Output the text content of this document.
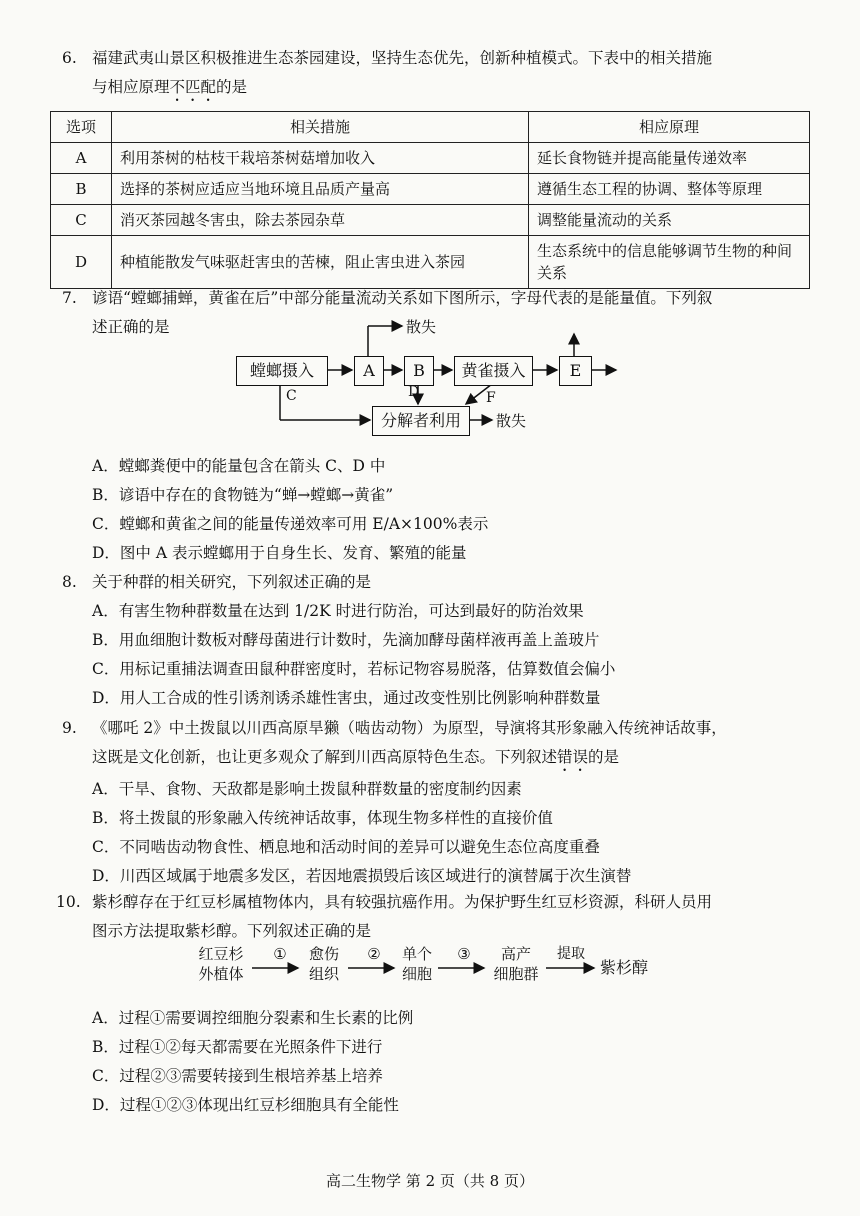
6. 福建武夷山景区积极推进生态茶园建设，坚持生态优先，创新种植模式。下表中的相关措施
与相应原理不匹配的是
选项	相关措施	相应原理
A	利用茶树的枯枝干栽培茶树菇增加收入	延长食物链并提高能量传递效率
B	选择的茶树应适应当地环境且品质产量高	遵循生态工程的协调、整体等原理
C	消灭茶园越冬害虫，除去茶园杂草	调整能量流动的关系
D	种植能散发气味驱赶害虫的苦楝，阻止害虫进入茶园	生态系统中的信息能够调节生物的种间关系
7. 谚语“螳螂捕蝉，黄雀在后”中部分能量流动关系如下图所示，字母代表的是能量值。下列叙
述正确的是
螳螂摄入	A	B	黄雀摄入	E
分解者利用
散失
散失
C	D	F
A．螳螂粪便中的能量包含在箭头 C、D 中
B．谚语中存在的食物链为“蝉→螳螂→黄雀”
C．螳螂和黄雀之间的能量传递效率可用 E/A×100%表示
D．图中 A 表示螳螂用于自身生长、发育、繁殖的能量
8. 关于种群的相关研究，下列叙述正确的是
A．有害生物种群数量在达到 1/2K 时进行防治，可达到最好的防治效果
B．用血细胞计数板对酵母菌进行计数时，先滴加酵母菌样液再盖上盖玻片
C．用标记重捕法调查田鼠种群密度时，若标记物容易脱落，估算数值会偏小
D．用人工合成的性引诱剂诱杀雄性害虫，通过改变性别比例影响种群数量
9. 《哪吒 2》中土拨鼠以川西高原旱獭（啮齿动物）为原型，导演将其形象融入传统神话故事，
这既是文化创新，也让更多观众了解到川西高原特色生态。下列叙述错误的是
A．干旱、食物、天敌都是影响土拨鼠种群数量的密度制约因素
B．将土拨鼠的形象融入传统神话故事，体现生物多样性的直接价值
C．不同啮齿动物食性、栖息地和活动时间的差异可以避免生态位高度重叠
D．川西区域属于地震多发区，若因地震损毁后该区域进行的演替属于次生演替
10. 紫杉醇存在于红豆杉属植物体内，具有较强抗癌作用。为保护野生红豆杉资源，科研人员用
图示方法提取紫杉醇。下列叙述正确的是
红豆杉
外植体
①	愈伤
组织
②	单个
细胞
③	高产
细胞群
提取
紫杉醇
A．过程①需要调控细胞分裂素和生长素的比例
B．过程①②每天都需要在光照条件下进行
C．过程②③需要转接到生根培养基上培养
D．过程①②③体现出红豆杉细胞具有全能性
高二生物学 第 2 页（共 8 页）
